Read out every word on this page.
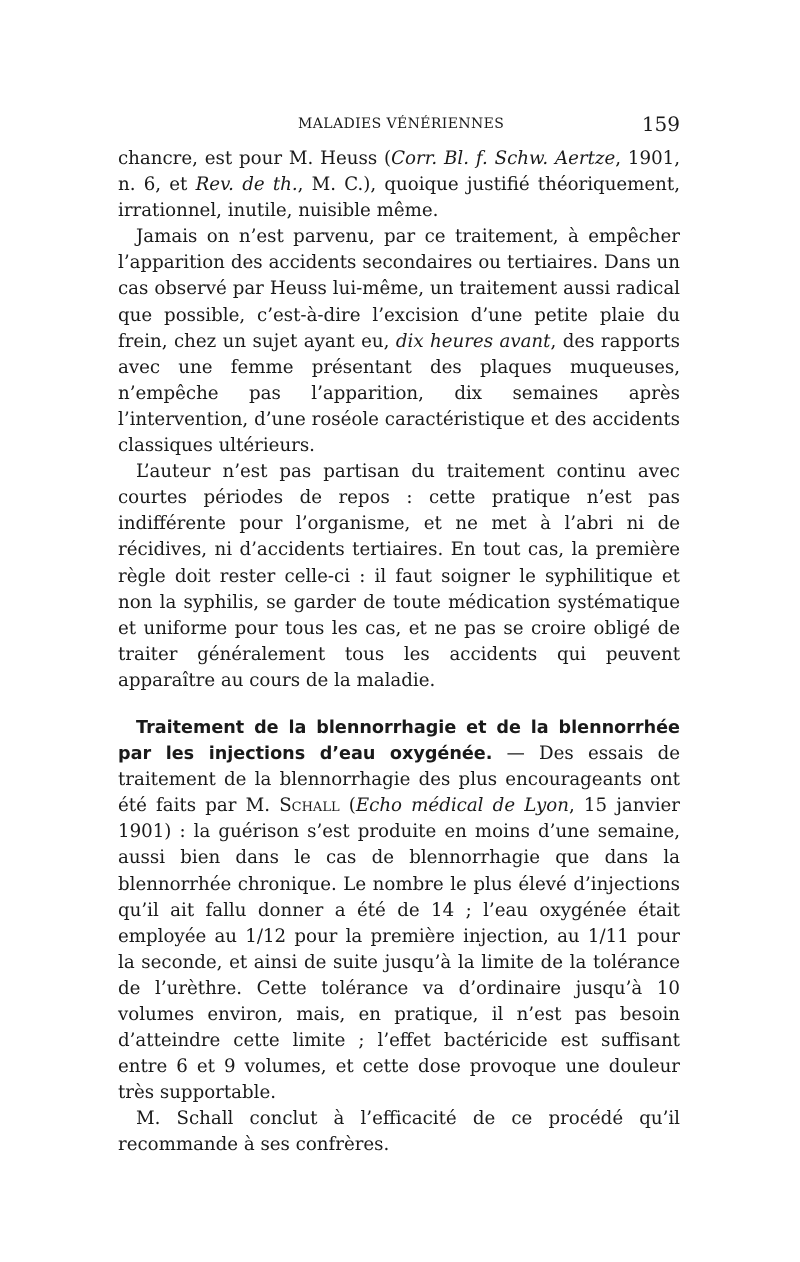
MALADIES VÉNÉRIENNES	159

chancre, est pour M. Heuss (Corr. Bl. f. Schw. Aertze, 1901, n. 6, et Rev. de th., M. C.), quoique justifié théoriquement, irrationnel, inutile, nuisible même.

Jamais on n’est parvenu, par ce traitement, à empêcher l’apparition des accidents secondaires ou tertiaires. Dans un cas observé par Heuss lui-même, un traitement aussi radical que possible, c’est-à-dire l’excision d’une petite plaie du frein, chez un sujet ayant eu, dix heures avant, des rapports avec une femme présentant des plaques muqueuses, n’empêche pas l’apparition, dix semaines après l’intervention, d’une roséole caractéristique et des accidents classiques ultérieurs.

L’auteur n’est pas partisan du traitement continu avec courtes périodes de repos : cette pratique n’est pas indifférente pour l’organisme, et ne met à l’abri ni de récidives, ni d’accidents tertiaires. En tout cas, la première règle doit rester celle-ci : il faut soigner le syphilitique et non la syphilis, se garder de toute médication systématique et uniforme pour tous les cas, et ne pas se croire obligé de traiter généralement tous les accidents qui peuvent apparaître au cours de la maladie.

Traitement de la blennorrhagie et de la blennorrhée par les injections d’eau oxygénée. — Des essais de traitement de la blennorrhagie des plus encourageants ont été faits par M. Schall (Echo médical de Lyon, 15 janvier 1901) : la guérison s’est produite en moins d’une semaine, aussi bien dans le cas de blennorrhagie que dans la blennorrhée chronique. Le nombre le plus élevé d’injections qu’il ait fallu donner a été de 14 ; l’eau oxygénée était employée au 1/12 pour la première injection, au 1/11 pour la seconde, et ainsi de suite jusqu’à la limite de la tolérance de l’urèthre. Cette tolérance va d’ordinaire jusqu’à 10 volumes environ, mais, en pratique, il n’est pas besoin d’atteindre cette limite ; l’effet bactéricide est suffisant entre 6 et 9 volumes, et cette dose provoque une douleur très supportable.

M. Schall conclut à l’efficacité de ce procédé qu’il recommande à ses confrères.
